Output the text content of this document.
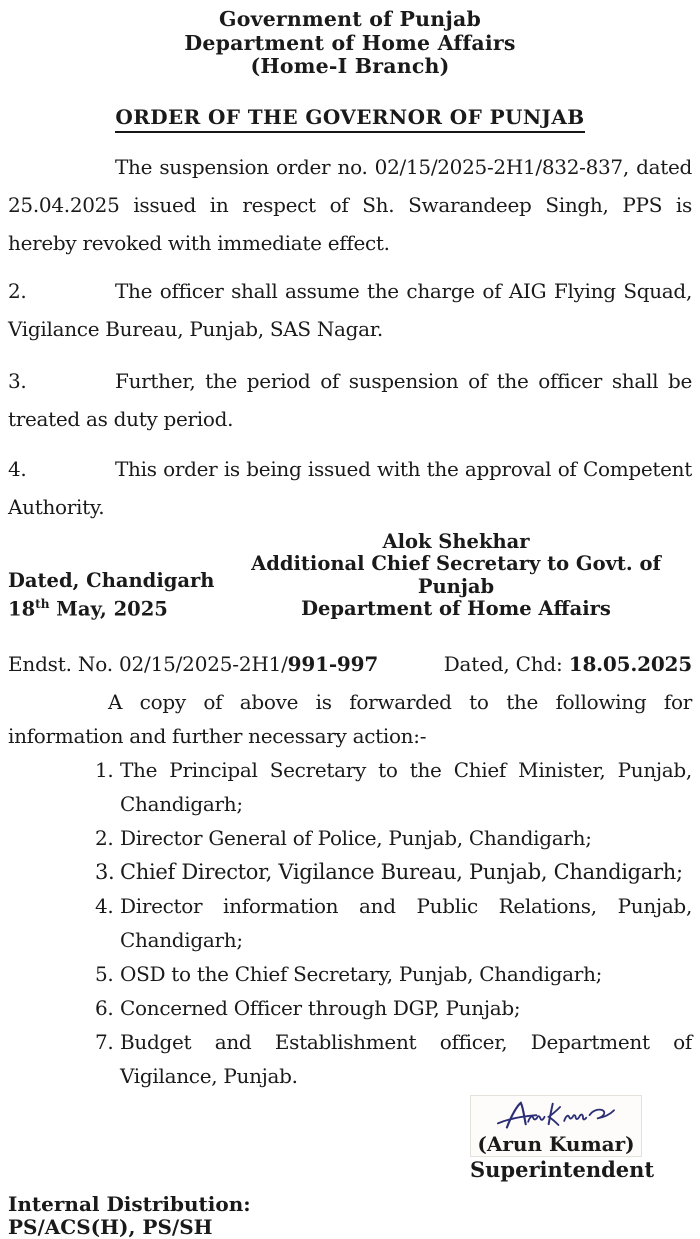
Government of Punjab
Department of Home Affairs
(Home-I Branch)
ORDER OF THE GOVERNOR OF PUNJAB

The suspension order no. 02/15/2025-2H1/832-837, dated 25.04.2025 issued in respect of Sh. Swarandeep Singh, PPS is hereby revoked with immediate effect.

2.	The officer shall assume the charge of AIG Flying Squad, Vigilance Bureau, Punjab, SAS Nagar.

3.	Further, the period of suspension of the officer shall be treated as duty period.

4.	This order is being issued with the approval of Competent Authority.

Dated, Chandigarh
18th May, 2025
Alok Shekhar
Additional Chief Secretary to Govt. of Punjab
Department of Home Affairs
Endst. No. 02/15/2025-2H1/991-997	Dated, Chd: 18.05.2025

A copy of above is forwarded to the following for information and further necessary action:-

1. The Principal Secretary to the Chief Minister, Punjab, Chandigarh;
2. Director General of Police, Punjab, Chandigarh;
3. Chief Director, Vigilance Bureau, Punjab, Chandigarh;
4. Director information and Public Relations, Punjab, Chandigarh;
5. OSD to the Chief Secretary, Punjab, Chandigarh;
6. Concerned Officer through DGP, Punjab;
7. Budget and Establishment officer, Department of Vigilance, Punjab.
(Arun Kumar)
Superintendent
Internal Distribution:
PS/ACS(H), PS/SH
